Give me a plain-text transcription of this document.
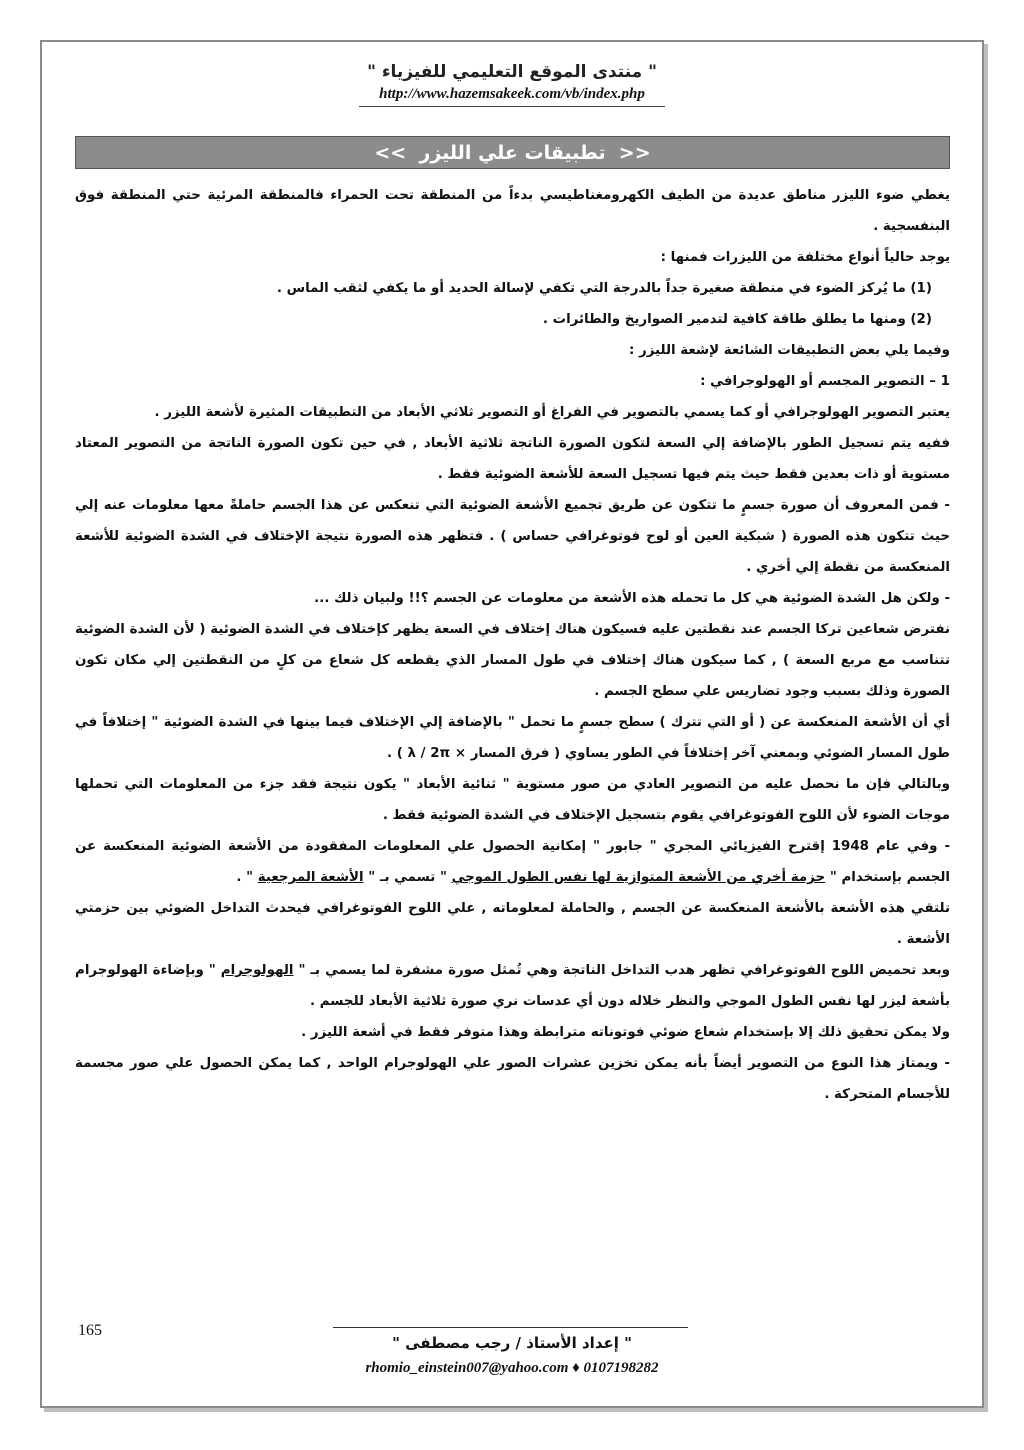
" منتدى الموقع التعليمي للفيزياء "
http://www.hazemsakeek.com/vb/index.php
<<  تطبيقات علي الليزر  >>

يغطي ضوء الليزر مناطق عديدة من الطيف الكهرومغناطيسي بدءاً من المنطقة تحت الحمراء فالمنطقة المرئية حتي المنطقة فوق البنفسجية .

يوجد حالياً أنواع مختلفة من الليزرات فمنها :

(1) ما يُركز الضوء في منطقة صغيرة جداً بالدرجة التي تكفي لإسالة الحديد أو ما يكفي لثقب الماس .

(2) ومنها ما يطلق طاقة كافية لتدمير الصواريخ والطائرات .

وفيما يلي بعض التطبيقات الشائعة لإشعة الليزر :

1 – التصوير المجسم أو الهولوجرافي :

يعتبر التصوير الهولوجرافي أو كما يسمي بالتصوير في الفراغ أو التصوير ثلاثي الأبعاد من التطبيقات المثيرة لأشعة الليزر .

ففيه يتم تسجيل الطور بالإضافة إلي السعة لتكون الصورة الناتجة ثلاثية الأبعاد , في حين تكون الصورة الناتجة من التصوير المعتاد مستوية أو ذات بعدين فقط حيث يتم فيها تسجيل السعة للأشعة الضوئية فقط .

- فمن المعروف أن صورة جسمٍ ما تتكون عن طريق تجميع الأشعة الضوئية التي تنعكس عن هذا الجسم حاملةً معها معلومات عنه إلي حيث تتكون هذه الصورة ( شبكية العين أو لوح فوتوغرافي حساس ) . فتظهر هذه الصورة نتيجة الإختلاف في الشدة الضوئية للأشعة المنعكسة من نقطة إلي أخري .

- ولكن هل الشدة الضوئية هي كل ما تحمله هذه الأشعة من معلومات عن الجسم ؟!! ولبيان ذلك ...

نفترض شعاعين تركا الجسم عند نقطتين عليه فسيكون هناك إختلاف في السعة يظهر كإختلاف في الشدة الضوئية ( لأن الشدة الضوئية تتناسب مع مربع السعة ) , كما سيكون هناك إختلاف في طول المسار الذي يقطعه كل شعاع من كلٍ من النقطتين إلي مكان تكون الصورة وذلك بسبب وجود تضاريس علي سطح الجسم .

أي أن الأشعة المنعكسة عن ( أو التي تترك ) سطح جسمٍ ما تحمل " بالإضافة إلي الإختلاف فيما بينها في الشدة الضوئية " إختلافاً في طول المسار الضوئي وبمعني آخر إختلافاً في الطور يساوي ( فرق المسار × λ / 2π ) .

وبالتالي فإن ما نحصل عليه من التصوير العادي من صور مستوية " ثنائية الأبعاد " يكون نتيجة فقد جزء من المعلومات التي تحملها موجات الضوء لأن اللوح الفوتوغرافي يقوم بتسجيل الإختلاف في الشدة الضوئية فقط .

- وفي عام 1948 إقترح الفيزيائي المجري " جابور " إمكانية الحصول علي المعلومات المفقودة من الأشعة الضوئية المنعكسة عن الجسم بإستخدام " حزمة أخري من الأشعة المتوازية لها نفس الطول الموجي " تسمي بـ " الأشعة المرجعية " .

تلتقي هذه الأشعة بالأشعة المنعكسة عن الجسم , والحاملة لمعلوماته , علي اللوح الفوتوغرافي فيحدث التداخل الضوئي بين حزمتي الأشعة .

وبعد تحميض اللوح الفوتوغرافي تظهر هدب التداخل الناتجة وهي تُمثل صورة مشفرة لما يسمي بـ " الهولوجرام " وبإضاءة الهولوجرام بأشعة ليزر لها نفس الطول الموجي والنظر خلاله دون أي عدسات نري صورة ثلاثية الأبعاد للجسم .

ولا يمكن تحقيق ذلك إلا بإستخدام شعاع ضوئي فوتوناته مترابطة وهذا متوفر فقط في أشعة الليزر .

- ويمتاز هذا النوع من التصوير أيضاً بأنه يمكن تخزين عشرات الصور علي الهولوجرام الواحد , كما يمكن الحصول علي صور مجسمة للأجسام المتحركة .

165
" إعداد الأستاذ / رجب مصطفى "
rhomio_einstein007@yahoo.com ♦ 0107198282
